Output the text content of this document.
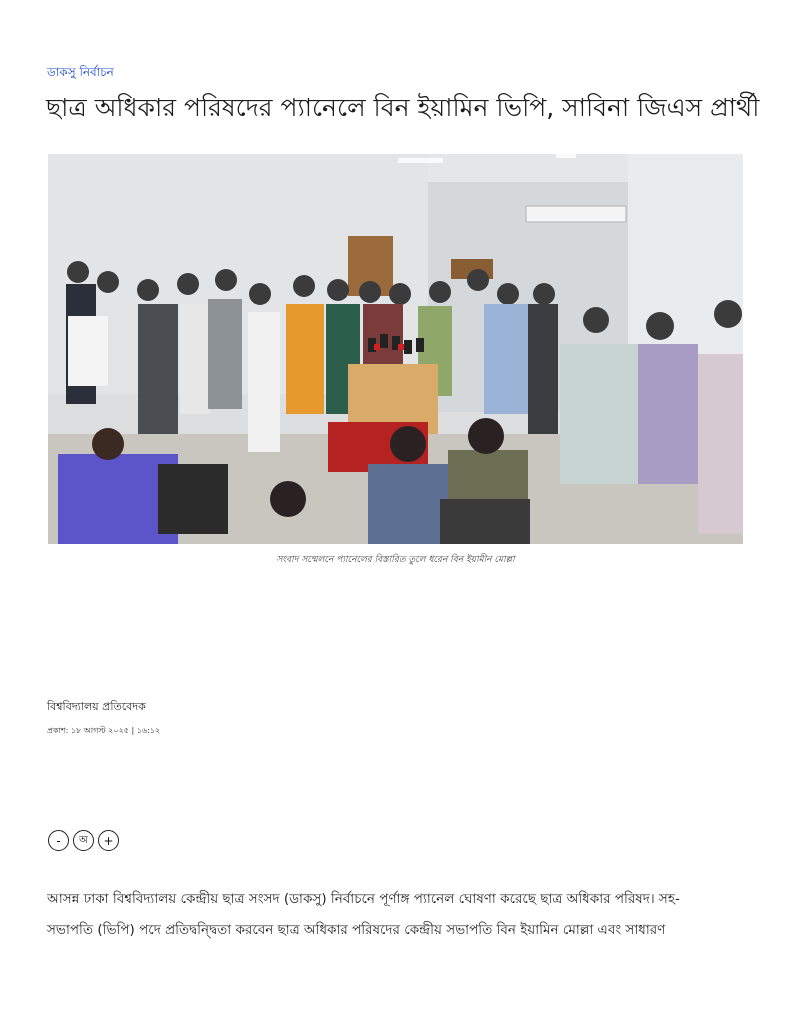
ডাকসু নির্বাচন
ছাত্র অধিকার পরিষদের প্যানেলে বিন ইয়ামিন ভিপি, সাবিনা জিএস প্রার্থী
সংবাদ সম্মেলনে প্যানেলের বিস্তারিত তুলে ধরেন বিন ইয়ামীন মোল্লা
বিশ্ববিদ্যালয় প্রতিবেদক
প্রকাশ: ১৮ আগস্ট ২০২৫ | ১৬:১২
-	অ	+
আসন্ন ঢাকা বিশ্ববিদ্যালয় কেন্দ্রীয় ছাত্র সংসদ (ডাকসু) নির্বাচনে পূর্ণাঙ্গ প্যানেল ঘোষণা করেছে ছাত্র অধিকার পরিষদ। সহ-
সভাপতি (ভিপি) পদে প্রতিদ্বন্দ্বিতা করবেন ছাত্র অধিকার পরিষদের কেন্দ্রীয় সভাপতি বিন ইয়ামিন মোল্লা এবং সাধারণ
